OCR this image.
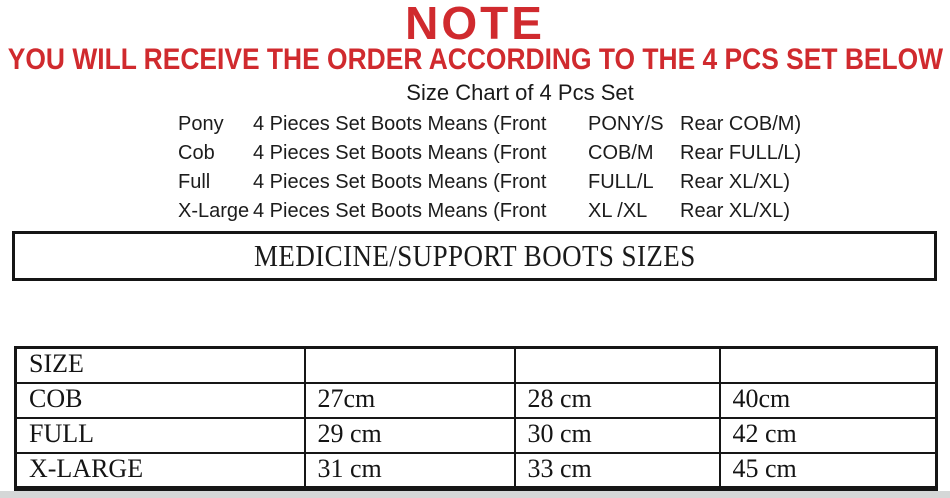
NOTE
YOU WILL RECEIVE THE ORDER ACCORDING TO THE 4 PCS SET BELOW
Size Chart of 4 Pcs Set
Pony	4 Pieces Set Boots Means (Front	PONY/S Rear COB/M)
Cob	4 Pieces Set Boots Means (Front	COB/M	Rear FULL/L)
Full	4 Pieces Set Boots Means (Front	FULL/L	Rear XL/XL)
X-Large 4 Pieces Set Boots Means (Front	XL /XL	Rear XL/XL)
MEDICINE/SUPPORT BOOTS SIZES
SIZE			
COB	27cm	28 cm	40cm
FULL	29 cm	30 cm	42 cm
X-LARGE	31 cm	33 cm	45 cm
